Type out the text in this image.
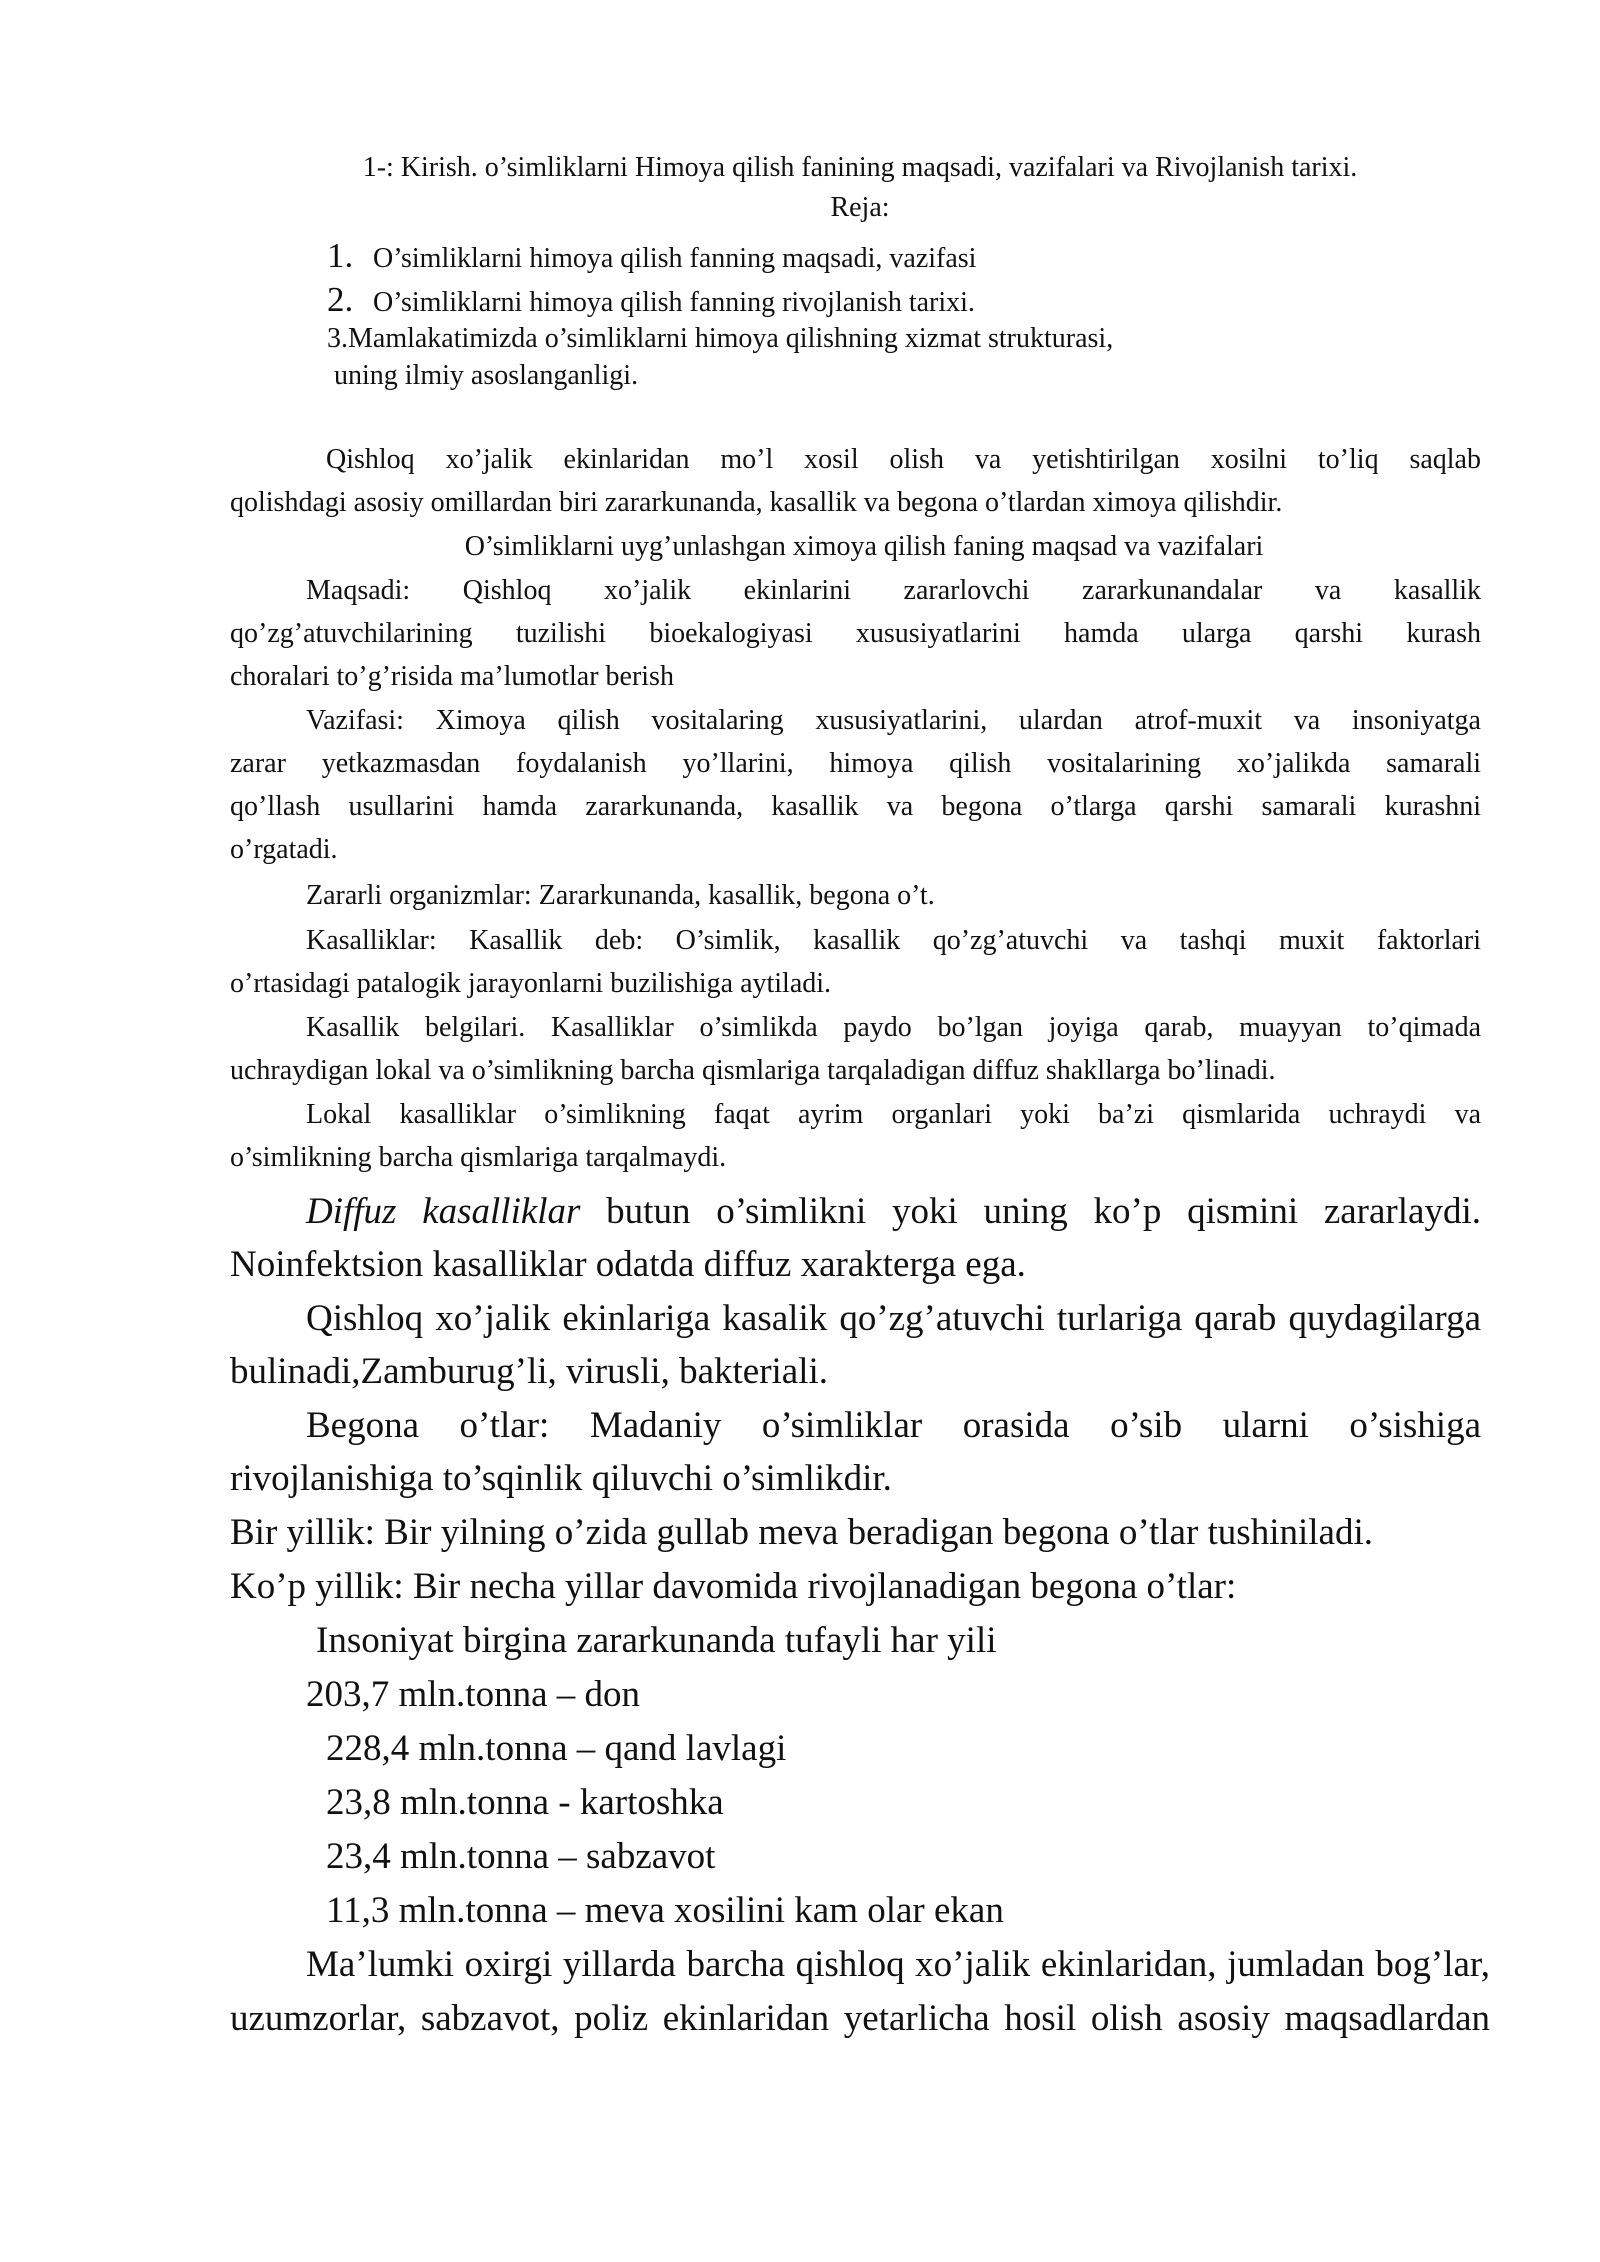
1-: Kirish. o’simliklarni Himoya qilish fanining maqsadi, vazifalari va Rivojlanish tarixi.
Reja:
1. O’simliklarni himoya qilish fanning maqsadi, vazifasi
2. O’simliklarni himoya qilish fanning rivojlanish tarixi.
3.Mamlakatimizda o’simliklarni himoya qilishning xizmat strukturasi,
uning ilmiy asoslanganligi.
Qishloq xo’jalik ekinlaridan mo’l xosil olish va yetishtirilgan xosilni to’liq saqlab
qolishdagi asosiy omillardan biri zararkunanda, kasallik va begona o’tlardan ximoya qilishdir.
O’simliklarni uyg’unlashgan ximoya qilish faning maqsad va vazifalari
Maqsadi: Qishloq xo’jalik ekinlarini zararlovchi zararkunandalar va kasallik
qo’zg’atuvchilarining tuzilishi bioekalogiyasi xususiyatlarini hamda ularga qarshi kurash
choralari to’g’risida ma’lumotlar berish
Vazifasi: Ximoya qilish vositalaring xususiyatlarini, ulardan atrof-muxit va insoniyatga
zarar yetkazmasdan foydalanish yo’llarini, himoya qilish vositalarining xo’jalikda samarali
qo’llash usullarini hamda zararkunanda, kasallik va begona o’tlarga qarshi samarali kurashni
o’rgatadi.
Zararli organizmlar: Zararkunanda, kasallik, begona o’t.
Kasalliklar: Kasallik deb: O’simlik, kasallik qo’zg’atuvchi va tashqi muxit faktorlari
o’rtasidagi patalogik jarayonlarni buzilishiga aytiladi.
Kasallik belgilari. Kasalliklar o’simlikda paydo bo’lgan joyiga qarab, muayyan to’qimada
uchraydigan lokal va o’simlikning barcha qismlariga tarqaladigan diffuz shakllarga bo’linadi.
Lokal kasalliklar o’simlikning faqat ayrim organlari yoki ba’zi qismlarida uchraydi va
o’simlikning barcha qismlariga tarqalmaydi.
Diffuz kasalliklar butun o’simlikni yoki uning ko’p qismini zararlaydi.
Noinfektsion kasalliklar odatda diffuz xarakterga ega.
Qishloq xo’jalik ekinlariga kasalik qo’zg’atuvchi turlariga qarab quydagilarga
bulinadi,Zamburug’li, virusli, bakteriali.
Begona o’tlar: Madaniy o’simliklar orasida o’sib ularni o’sishiga
rivojlanishiga to’sqinlik qiluvchi o’simlikdir.
Bir yillik: Bir yilning o’zida gullab meva beradigan begona o’tlar tushiniladi.
Ko’p yillik: Bir necha yillar davomida rivojlanadigan begona o’tlar:
Insoniyat birgina zararkunanda tufayli har yili
203,7 mln.tonna – don
228,4 mln.tonna – qand lavlagi
23,8 mln.tonna - kartoshka
23,4 mln.tonna – sabzavot
11,3 mln.tonna – meva xosilini kam olar ekan
Ma’lumki oxirgi yillarda barcha qishloq xo’jalik ekinlaridan, jumladan bog’lar,
uzumzorlar, sabzavot, poliz ekinlaridan yetarlicha hosil olish asosiy maqsadlardan
